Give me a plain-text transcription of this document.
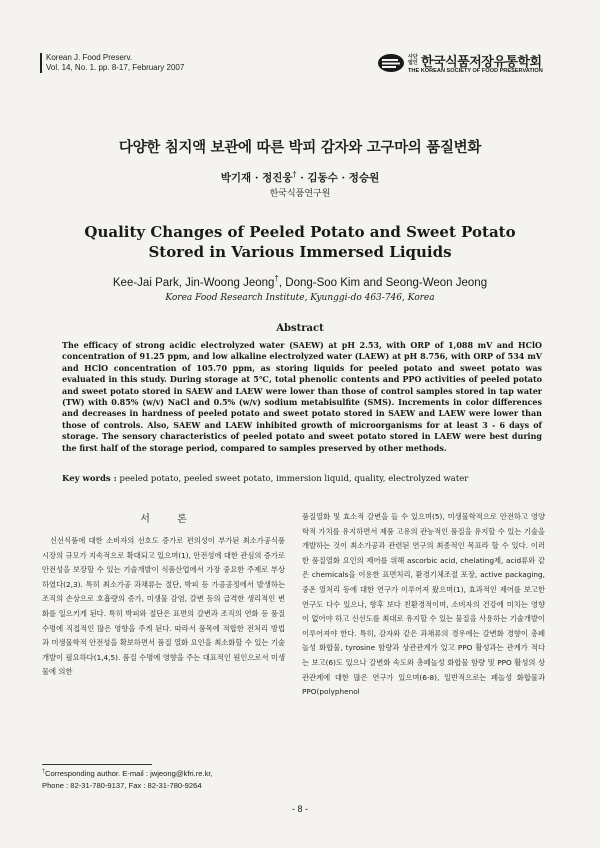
Korean J. Food Preserv.
Vol. 14, No. 1. pp. 8-17, February 2007
사단법인 한국식품저장유통학회
THE KOREAN SOCIETY OF FOOD PRESERVATION
다양한 침지액 보관에 따른 박피 감자와 고구마의 품질변화
박기재 · 정진웅† · 김동수 · 정승원
한국식품연구원
Quality Changes of Peeled Potato and Sweet Potato
Stored in Various Immersed Liquids
Kee-Jai Park, Jin-Woong Jeong†, Dong-Soo Kim and Seong-Weon Jeong
Korea Food Research Institute, Kyunggi-do 463-746, Korea
Abstract
The efficacy of strong acidic electrolyzed water (SAEW) at pH 2.53, with ORP of 1,088 mV and HClO concentration of 91.25 ppm, and low alkaline electrolyzed water (LAEW) at pH 8.756, with ORP of 534 mV and HClO concentration of 105.70 ppm, as storing liquids for peeled potato and sweet potato was evaluated in this study. During storage at 5℃, total phenolic contents and PPO activities of peeled potato and sweet potato stored in SAEW and LAEW were lower than those of control samples stored in tap water (TW) with 0.85% (w/v) NaCl and 0.5% (w/v) sodium metabisulfite (SMS). Increments in color differences and decreases in hardness of peeled potato and sweet potato stored in SAEW and LAEW were lower than those of controls. Also, SAEW and LAEW inhibited growth of microorganisms for at least 3 - 6 days of storage. The sensory characteristics of peeled potato and sweet potato stored in LAEW were best during the first half of the storage period, compared to samples preserved by other methods.
Key words : peeled potato, peeled sweet potato, immersion liquid, quality, electrolyzed water
서 론

신선식품에 대한 소비자의 선호도 증가로 편의성이 부가된 최소가공식품 시장의 규모가 지속적으로 확대되고 있으며(1), 안전성에 대한 관심의 증가로 안전성을 보장할 수 있는 기술개발이 식품산업에서 가장 중요한 주제로 부상하였다(2,3). 특히 최소가공 과채류는 절단, 박피 등 가공공정에서 발생하는 조직의 손상으로 호흡량의 증가, 미생물 감염, 갈변 등의 급격한 생리적인 변화를 일으키게 된다. 특히 박피와 절단은 표면의 갈변과 조직의 연화 등 품질수명에 직접적인 많은 영향을 주게 된다. 따라서 품목에 적합한 전처리 방법과 미생물학적 안전성을 확보하면서 품질 열화 요인을 최소화할 수 있는 기술개발이 필요하다(1,4,5). 품질 수명에 영향을 주는 대표적인 원인으로서 미생물에 의한

품질열화 및 효소적 갈변을 들 수 있으며(5), 미생물학적으로 안전하고 영양학적 가치를 유지하면서 제품 고유의 관능적인 품질을 유지할 수 있는 기술을 개발하는 것이 최소가공과 관련된 연구의 최종적인 목표라 할 수 있다. 이러한 품질열화 요인의 제어를 위해 ascorbic acid, chelating제, acid류와 같은 chemicals을 이용한 표면처리, 환경기체조절 포장, active packaging, 중온 열처리 등에 대한 연구가 이루어져 왔으며(1), 효과적인 제어를 보고한 연구도 다수 있으나, 향후 보다 친환경적이며, 소비자의 건강에 미치는 영향이 없어야 하고 신선도를 최대로 유지할 수 있는 물질을 사용하는 기술개발이 이루어져야 한다. 특히, 감자와 같은 과채류의 경우에는 갈변화 경향이 총페놀성 화합물, tyrosine 함량과 상관관계가 있고 PPO 활성과는 관계가 적다는 보고(6)도 있으나 갈변화 속도와 총페놀성 화합물 함량 및 PPO 활성의 상관관계에 대한 많은 연구가 있으며(6-8), 일반적으로는 페놀성 화합물과 PPO(polyphenol

†Corresponding author. E-mail : jwjeong@kfri.re.kr,
Phone : 82-31-780-9137, Fax : 82-31-780-9264
- 8 -
